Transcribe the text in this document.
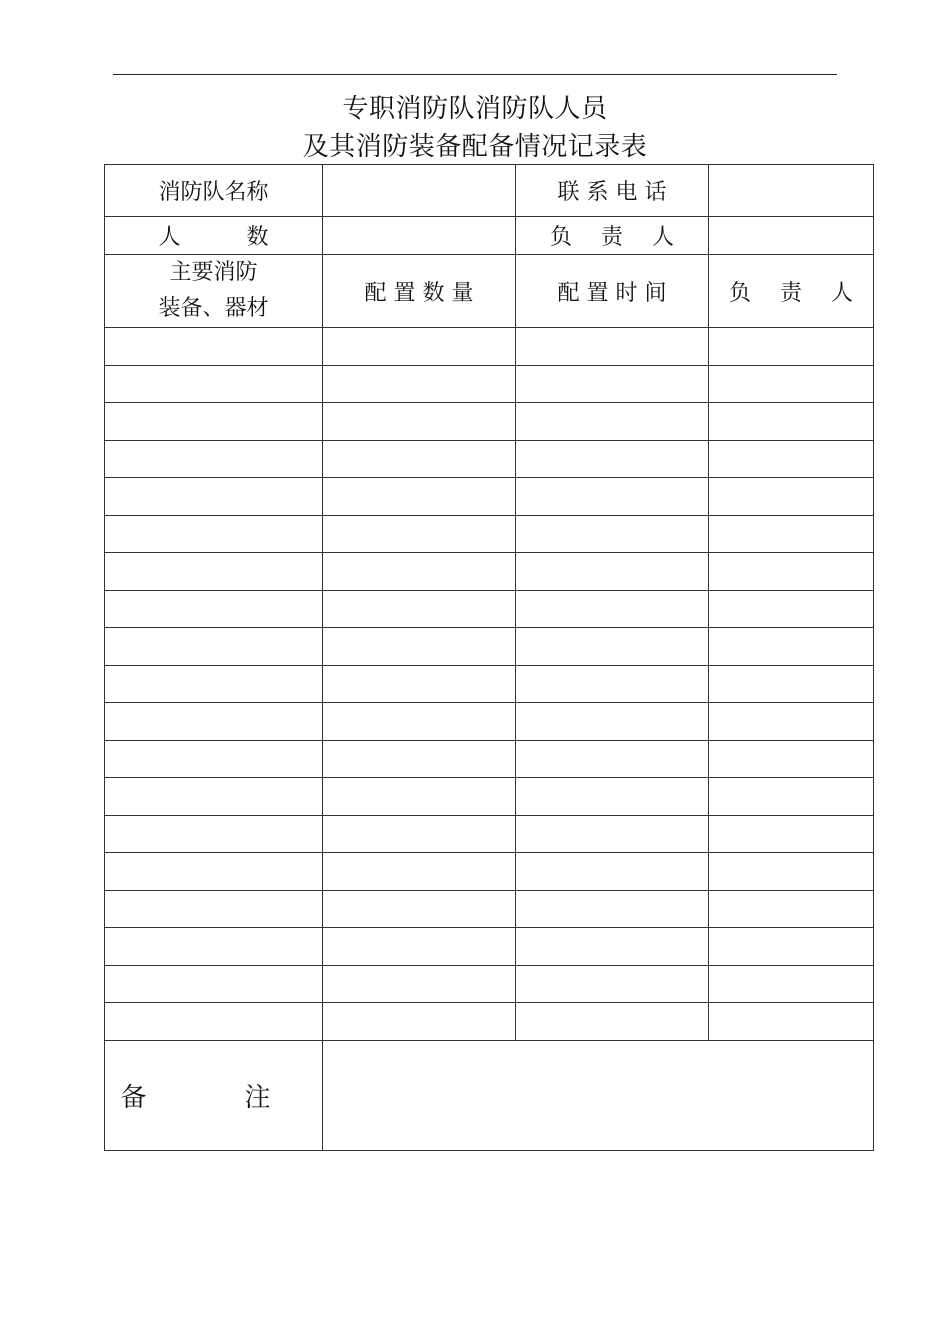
专职消防队消防队人员
及其消防装备配备情况记录表
消防队名称		联 系 电 话	
人　　　数		负　 责　 人	

主要消防
装备、器材	配 置 数 量	配 置 时 间	负　 责　 人

备　注			
